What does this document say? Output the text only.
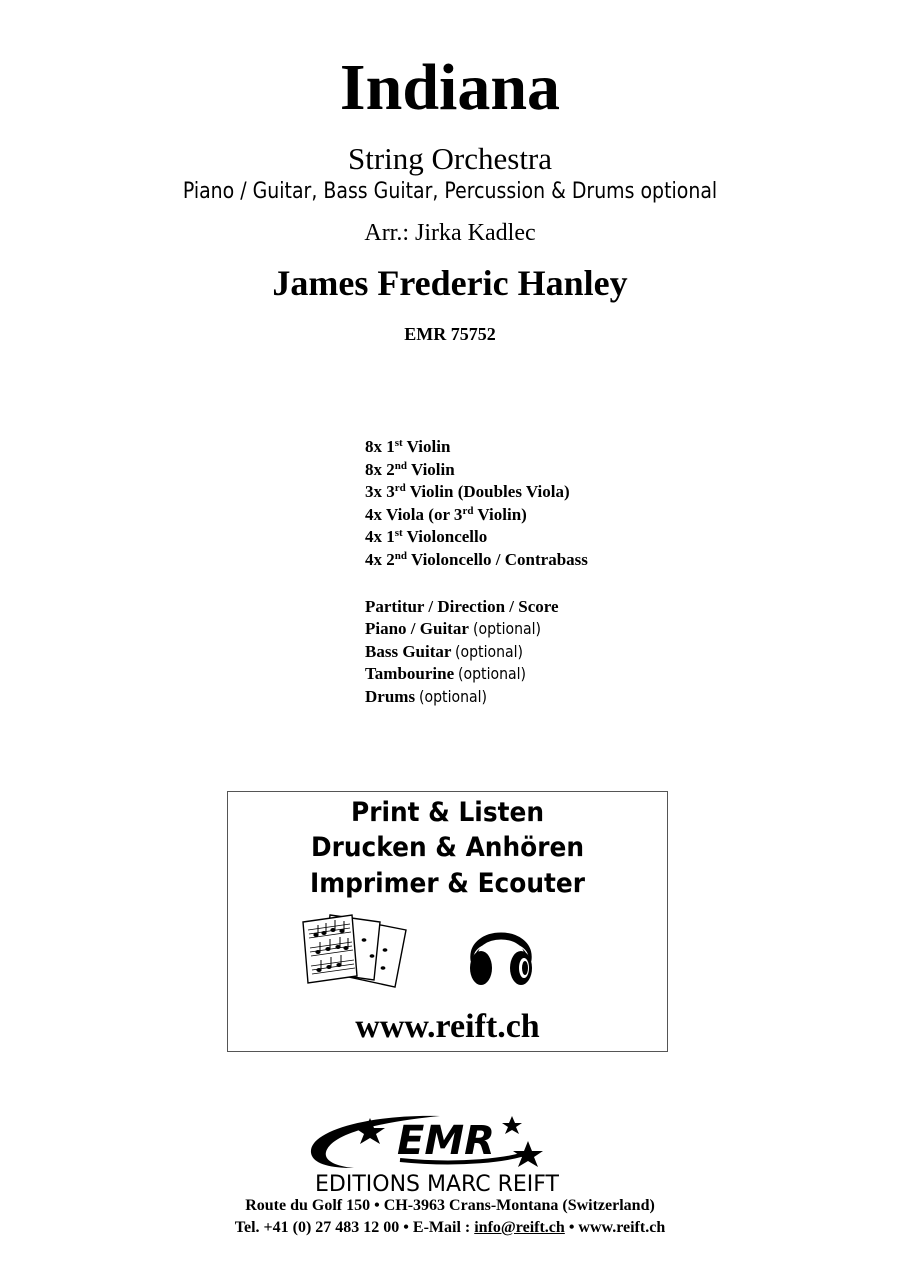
Indiana
String Orchestra
Piano / Guitar, Bass Guitar, Percussion & Drums optional
Arr.: Jirka Kadlec
James Frederic Hanley
EMR 75752
8x 1st Violin
8x 2nd Violin
3x 3rd Violin (Doubles Viola)
4x Viola (or 3rd Violin)
4x 1st Violoncello
4x 2nd Violoncello / Contrabass
Partitur / Direction / Score
Piano / Guitar (optional)
Bass Guitar (optional)
Tambourine (optional)
Drums (optional)
Print & Listen
Drucken & Anhören
Imprimer & Ecouter
www.reift.ch
EMR
EDITIONS MARC REIFT
Route du Golf 150 • CH-3963 Crans-Montana (Switzerland)
Tel. +41 (0) 27 483 12 00 • E-Mail : info@reift.ch • www.reift.ch
